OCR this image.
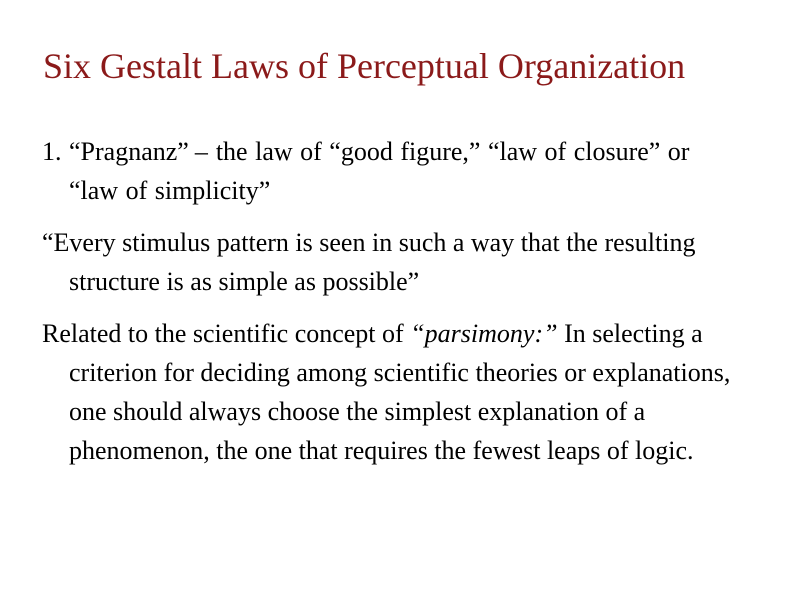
Six Gestalt Laws of Perceptual Organization
1. “Pragnanz” – the law of “good figure,” “law of closure” or “law of simplicity”
“Every stimulus pattern is seen in such a way that the resulting structure is as simple as possible”
Related to the scientific concept of “parsimony:” In selecting a criterion for deciding among scientific theories or explanations, one should always choose the simplest explanation of a phenomenon, the one that requires the fewest leaps of logic.
